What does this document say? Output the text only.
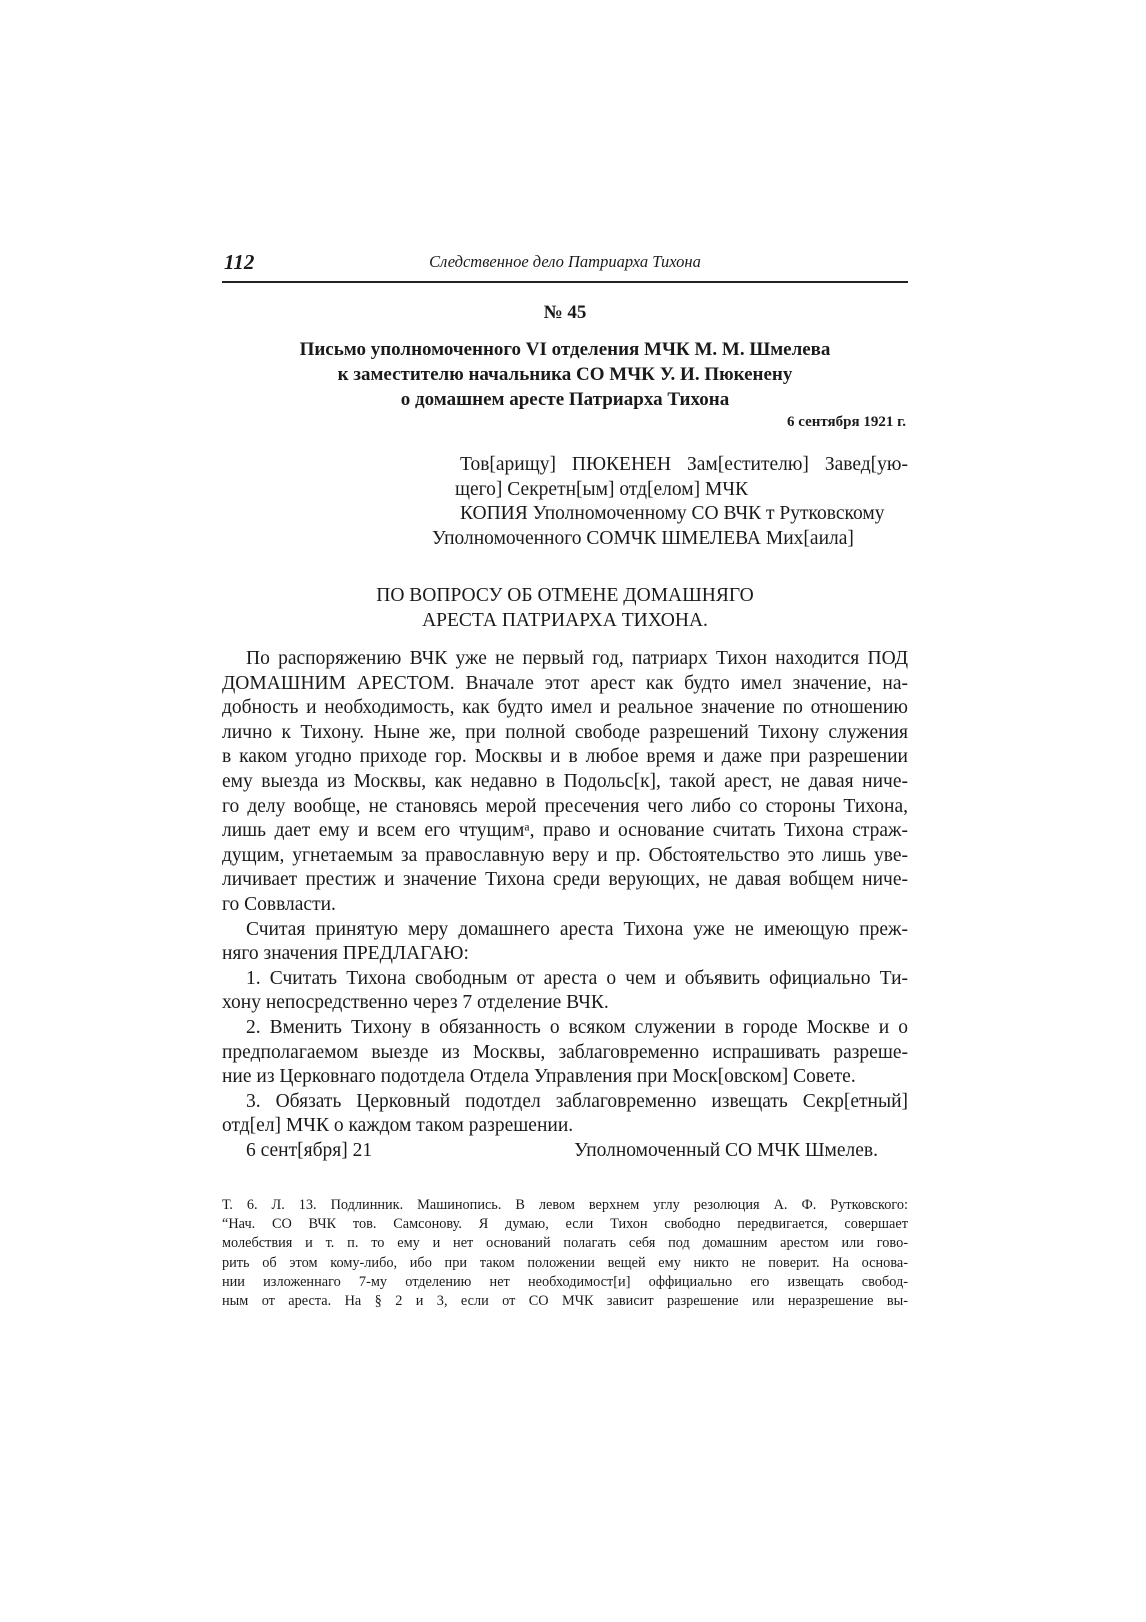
112	Следственное дело Патриарха Тихона
№ 45
Письмо уполномоченного VI отделения МЧК М. М. Шмелева
к заместителю начальника СО МЧК У. И. Пюкенену
о домашнем аресте Патриарха Тихона
6 сентября 1921 г.
Тов[арищу] ПЮКЕНЕН Зам[естителю] Завед[ую-
щего] Секретн[ым] отд[елом] МЧК
КОПИЯ Уполномоченному СО ВЧК т Рутковскому
Уполномоченного СОМЧК ШМЕЛЕВА Мих[аила]
ПО ВОПРОСУ ОБ ОТМЕНЕ ДОМАШНЯГО
АРЕСТА ПАТРИАРХА ТИХОНА.
По распоряжению ВЧК уже не первый год, патриарх Тихон находится ПОД
ДОМАШНИМ АРЕСТОМ. Вначале этот арест как будто имел значение, на-
добность и необходимость, как будто имел и реальное значение по отношению
лично к Тихону. Ныне же, при полной свободе разрешений Тихону служения
в каком угодно приходе гор. Москвы и в любое время и даже при разрешении
ему выезда из Москвы, как недавно в Подольс[к], такой арест, не давая ниче-
го делу вообще, не становясь мерой пресечения чего либо со стороны Тихона,
лишь дает ему и всем его чтущимᵃ, право и основание считать Тихона страж-
дущим, угнетаемым за православную веру и пр. Обстоятельство это лишь уве-
личивает престиж и значение Тихона среди верующих, не давая вобщем ниче-
го Соввласти.
Считая принятую меру домашнего ареста Тихона уже не имеющую преж-
няго значения ПРЕДЛАГАЮ:
1. Считать Тихона свободным от ареста о чем и объявить официально Ти-
хону непосредственно через 7 отделение ВЧК.
2. Вменить Тихону в обязанность о всяком служении в городе Москве и о
предполагаемом выезде из Москвы, заблаговременно испрашивать разреше-
ние из Церковнаго подотдела Отдела Управления при Моск[овском] Совете.
3. Обязать Церковный подотдел заблаговременно извещать Секр[етный]
отд[ел] МЧК о каждом таком разрешении.
6 сент[ября] 21	Уполномоченный СО МЧК Шмелев.
Т. 6. Л. 13. Подлинник. Машинопись. В левом верхнем углу резолюция А. Ф. Рутковского:
“Нач. СО ВЧК тов. Самсонову. Я думаю, если Тихон свободно передвигается, совершает
молебствия и т. п. то ему и нет оснований полагать себя под домашним арестом или гово-
рить об этом кому-либо, ибо при таком положении вещей ему никто не поверит. На основа-
нии изложеннаго 7-му отделению нет необходимост[и] оффициально его извещать свобод-
ным от ареста. На § 2 и 3, если от СО МЧК зависит разрешение или неразрешение вы-
